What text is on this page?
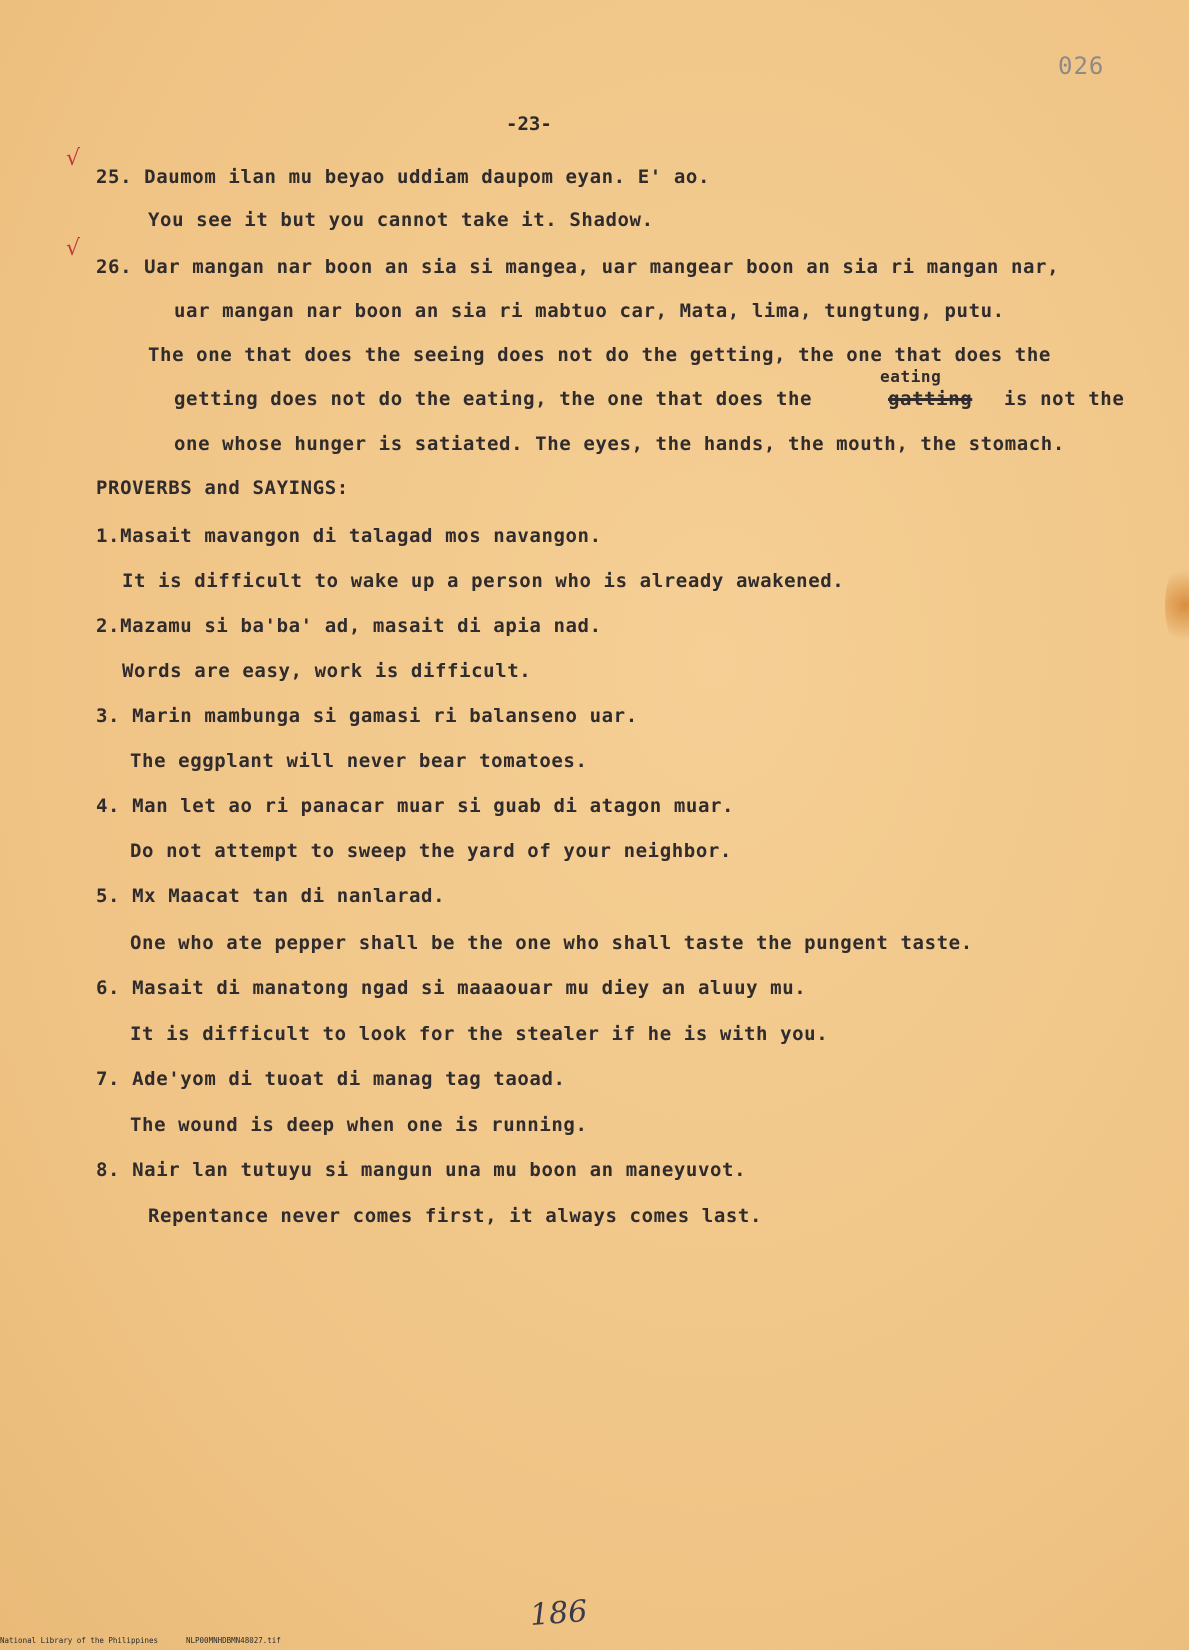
026
-23-
√
25. Daumom ilan mu beyao uddiam daupom eyan. E' ao.
You see it but you cannot take it. Shadow.
√
26. Uar mangan nar boon an sia si mangea, uar mangear boon an sia ri mangan nar,
uar mangan nar boon an sia ri mabtuo car, Mata, lima, tungtung, putu.
The one that does the seeing does not do the getting, the one that does the
eating
getting does not do the eating, the one that does the	gatting is not the
one whose hunger is satiated. The eyes, the hands, the mouth, the stomach.
PROVERBS and SAYINGS:
1.Masait mavangon di talagad mos navangon.
It is difficult to wake up a person who is already awakened.
2.Mazamu si ba'ba' ad, masait di apia nad.
Words are easy, work is difficult.
3. Marin mambunga si gamasi ri balanseno uar.
The eggplant will never bear tomatoes.
4. Man let ao ri panacar muar si guab di atagon muar.
Do not attempt to sweep the yard of your neighbor.
5. Mx Maacat tan di nanlarad.
One who ate pepper shall be the one who shall taste the pungent taste.
6. Masait di manatong ngad si maaaouar mu diey an aluuy mu.
It is difficult to look for the stealer if he is with you.
7. Ade'yom di tuoat di manag tag taoad.
The wound is deep when one is running.
8. Nair lan tutuyu si mangun una mu boon an maneyuvot.
Repentance never comes first, it always comes last.
186
National Library of the Philippines	NLP00MNHDBMN48027.tif
